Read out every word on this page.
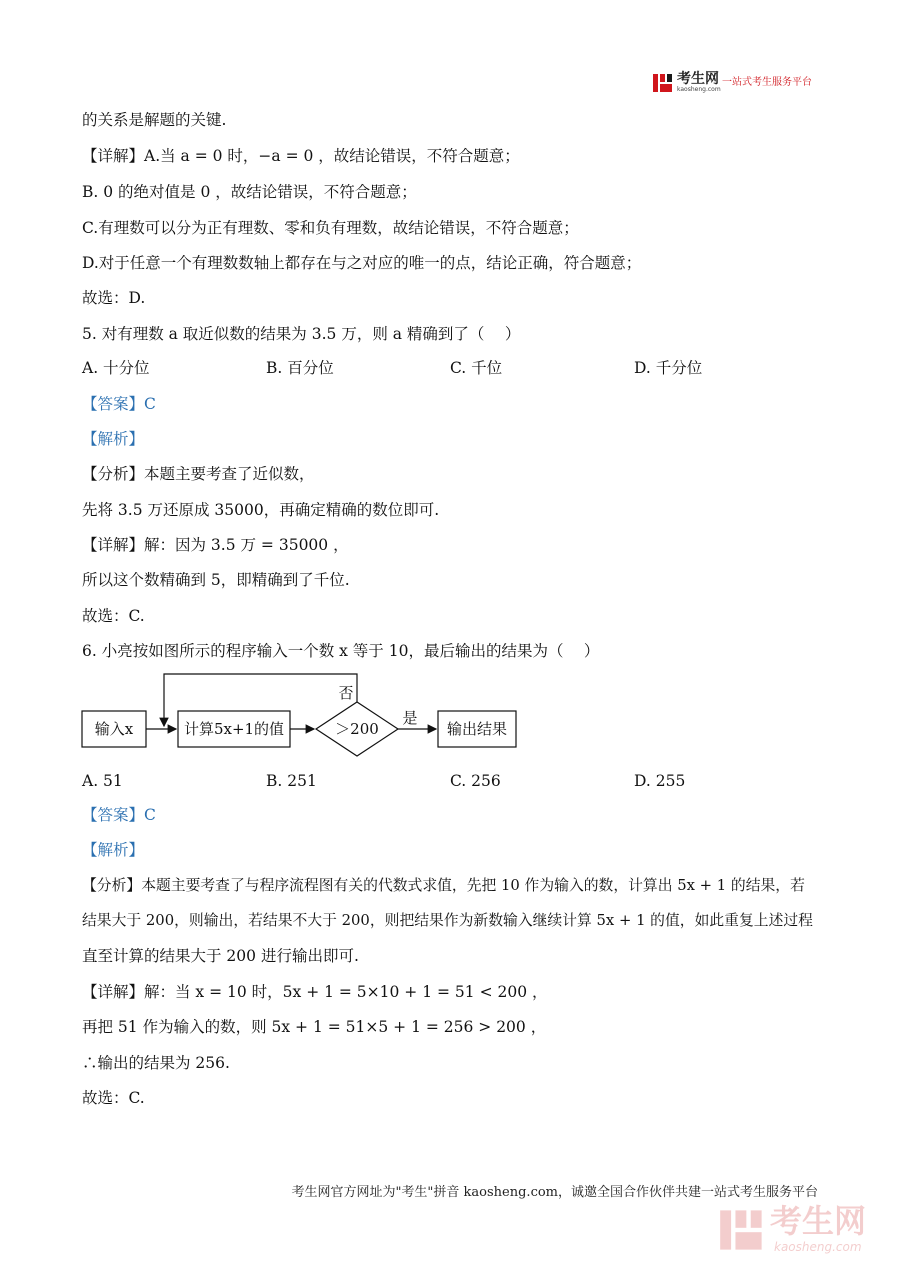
考生网
kaosheng.com
一站式考生服务平台
的关系是解题的关键.
【详解】A.当 a = 0 时，−a = 0 ，故结论错误，不符合题意；
B. 0 的绝对值是 0 ，故结论错误，不符合题意；
C.有理数可以分为正有理数、零和负有理数，故结论错误，不符合题意；
D.对于任意一个有理数数轴上都存在与之对应的唯一的点，结论正确，符合题意；
故选：D.
5. 对有理数 a 取近似数的结果为 3.5 万，则 a 精确到了（　 ）
A. 十分位	B. 百分位	C. 千位	D. 千分位
【答案】C
【解析】
【分析】本题主要考查了近似数，
先将 3.5 万还原成 35000，再确定精确的数位即可.
【详解】解：因为 3.5 万 = 35000 ，
所以这个数精确到 5，即精确到了千位.
故选：C.
6. 小亮按如图所示的程序输入一个数 x 等于 10，最后输出的结果为（　 ）
输入x	计算5x+1的值	＞200
否
是
输出结果
A. 51	B. 251	C. 256	D. 255
【答案】C
【解析】
【分析】本题主要考查了与程序流程图有关的代数式求值，先把 10 作为输入的数，计算出 5x + 1 的结果，若
结果大于 200，则输出，若结果不大于 200，则把结果作为新数输入继续计算 5x + 1 的值，如此重复上述过程
直至计算的结果大于 200 进行输出即可.
【详解】解：当 x = 10 时，5x + 1 = 5×10 + 1 = 51 < 200 ，
再把 51 作为输入的数，则 5x + 1 = 51×5 + 1 = 256 > 200 ，
∴输出的结果为 256.
故选：C.
考生网官方网址为"考生"拼音 kaosheng.com，诚邀全国合作伙伴共建一站式考生服务平台
考生网
kaosheng.com
